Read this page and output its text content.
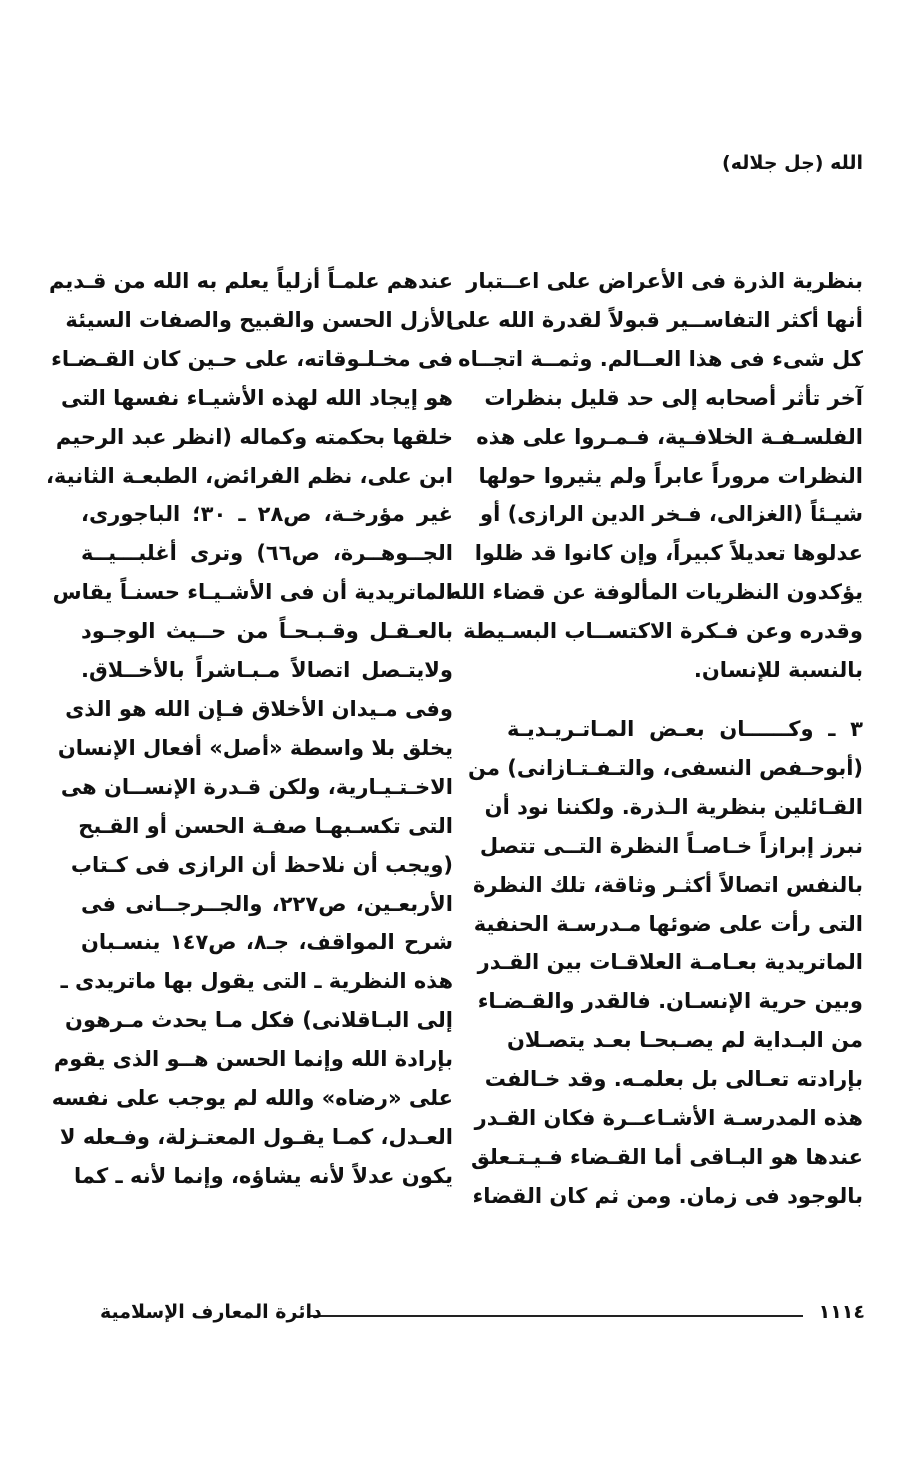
الله (جل جلاله)
بنظرية الذرة فى الأعراض على اعــتبار
أنها أكثر التفاســير قبولاً لقدرة الله على
كل شىء فى هذا العــالم. وثمــة اتجــاه
آخر تأثر أصحابه إلى حد قليل بنظرات
الفلسـفـة الخلافـية، فـمـروا على هذه
النظرات مروراً عابراً ولم يثيروا حولها
شيـئاً (الغزالى، فـخر الدين الرازى) أو
عدلوها تعديلاً كبيراً، وإن كانوا قد ظلوا
يؤكدون النظريات المألوفة عن قضاء الله
وقدره وعن فـكرة الاكتســاب البسـيطة
بالنسبة للإنسان.
٣ ـ وكــــــان بعـض المـاتـريـديـة
(أبوحـفص النسفى، والتـفـتـازانى) من
القـائلين بنظرية الـذرة. ولكننا نود أن
نبرز إبرازاً خـاصـاً النظرة التــى تتصل
بالنفس اتصالاً أكثـر وثاقة، تلك النظرة
التى رأت على ضوئها مـدرسـة الحنفية
الماتريدية بعـامـة العلاقـات بين القـدر
وبين حرية الإنسـان. فالقدر والقـضـاء
من البـداية لم يصـبحـا بعـد يتصـلان
بإرادته تعـالى بل بعلمـه. وقد خـالفت
هذه المدرسـة الأشـاعــرة فكان القـدر
عندها هو البـاقى أما القـضاء فـيـتـعلق
بالوجود فى زمان. ومن ثم كان القضاء
عندهم علمـاً أزلياً يعلم به الله من قـديم
الأزل الحسن والقبيح والصفات السيئة
فى مخـلـوقاته، على حـين كان القـضـاء
هو إيجاد الله لهذه الأشيـاء نفسها التى
خلقها بحكمته وكماله (انظر عبد الرحيم
ابن على، نظم الفرائض، الطبعـة الثانية،
غير مؤرخـة، ص٢٨ ـ ٣٠؛ الباجورى،
الجــوهــرة، ص٦٦) وترى أغلبـــيــة
الماتريدية أن فى الأشـيـاء حسنـاً يقاس
بالعـقـل وقـبـحـاً من حــيث الوجـود
ولايتـصل اتصالاً مـبـاشراً بالأخــلاق.
وفى مـيدان الأخلاق فـإن الله هو الذى
يخلق بلا واسطة «أصل» أفعال الإنسان
الاخـتـيـارية، ولكن قـدرة الإنســان هى
التى تكسـبهـا صفـة الحسن أو القـبح
(ويجب أن نلاحظ أن الرازى فى كـتاب
الأربعـين، ص٢٢٧، والجــرجــانى فى
شرح المواقف، جـ٨، ص١٤٧ ينسـبان
هذه النظرية ـ التى يقول بها ماتريدى ـ
إلى البـاقلانى) فكل مـا يحدث مـرهون
بإرادة الله وإنما الحسن هــو الذى يقوم
على «رضاه» والله لم يوجب على نفسه
العـدل، كمـا يقـول المعتـزلة، وفـعله لا
يكون عدلاً لأنه يشاؤه، وإنما لأنه ـ كما
١١١٤
دائرة المعارف الإسلامية
